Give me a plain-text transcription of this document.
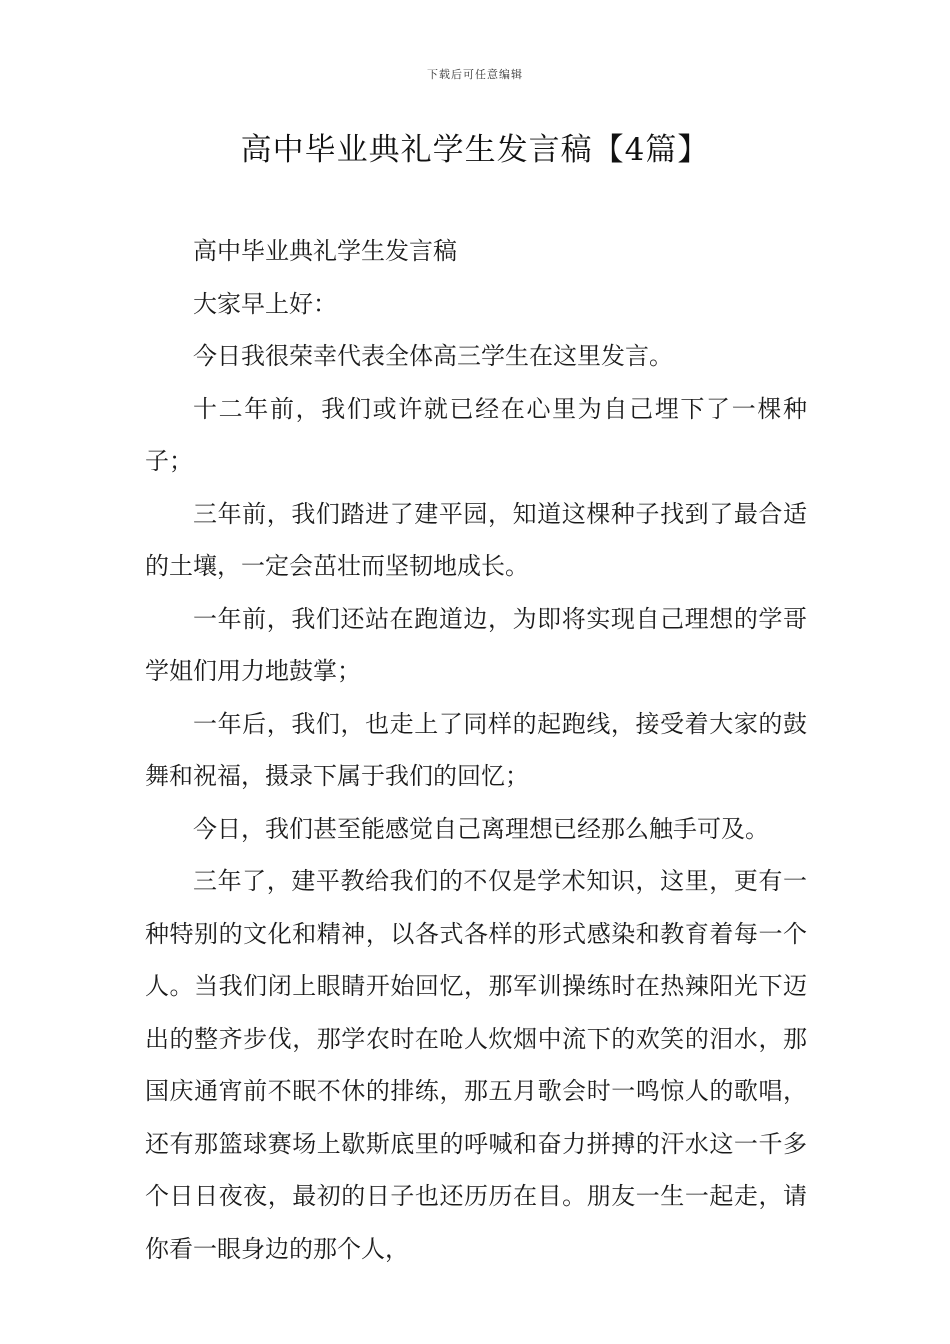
下载后可任意编辑
高中毕业典礼学生发言稿【4篇】

高中毕业典礼学生发言稿

大家早上好：

今日我很荣幸代表全体高三学生在这里发言。

十二年前，我们或许就已经在心里为自己埋下了一棵种子；

三年前，我们踏进了建平园，知道这棵种子找到了最合适的土壤，一定会茁壮而坚韧地成长。

一年前，我们还站在跑道边，为即将实现自己理想的学哥学姐们用力地鼓掌；

一年后，我们，也走上了同样的起跑线，接受着大家的鼓舞和祝福，摄录下属于我们的回忆；

今日，我们甚至能感觉自己离理想已经那么触手可及。

三年了，建平教给我们的不仅是学术知识，这里，更有一种特别的文化和精神，以各式各样的形式感染和教育着每一个人。当我们闭上眼睛开始回忆，那军训操练时在热辣阳光下迈出的整齐步伐，那学农时在呛人炊烟中流下的欢笑的泪水，那国庆通宵前不眠不休的排练，那五月歌会时一鸣惊人的歌唱，还有那篮球赛场上歇斯底里的呼喊和奋力拼搏的汗水这一千多个日日夜夜，最初的日子也还历历在目。朋友一生一起走，请你看一眼身边的那个人，
